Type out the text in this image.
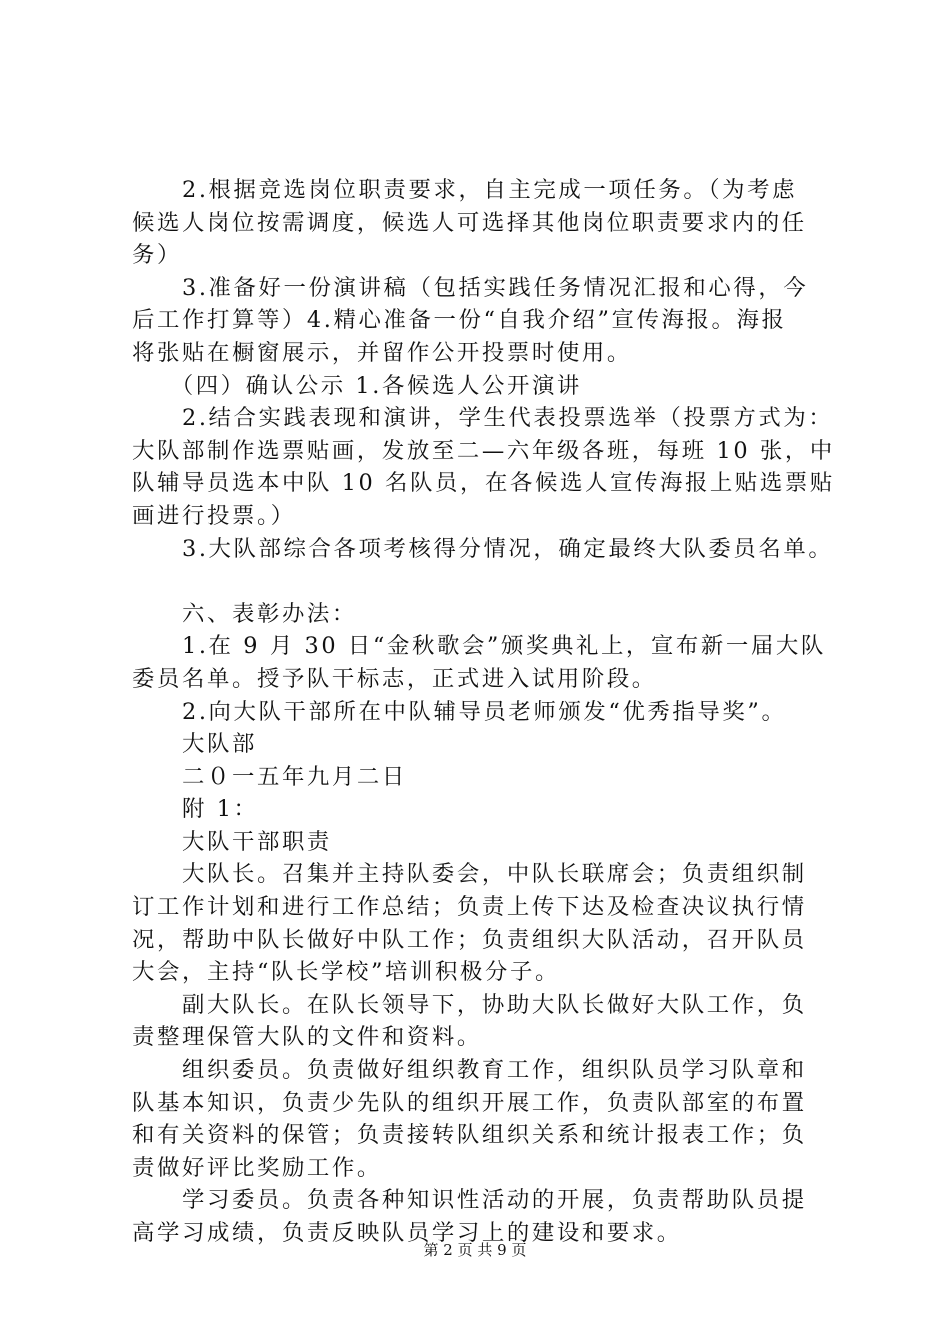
　　2.根据竞选岗位职责要求，自主完成一项任务。（为考虑
候选人岗位按需调度，候选人可选择其他岗位职责要求内的任
务）
　　3.准备好一份演讲稿（包括实践任务情况汇报和心得，今
后工作打算等）4.精心准备一份“自我介绍”宣传海报。海报
将张贴在橱窗展示，并留作公开投票时使用。
　　（四）确认公示 1.各候选人公开演讲
　　2.结合实践表现和演讲，学生代表投票选举（投票方式为：
大队部制作选票贴画，发放至二—六年级各班，每班 10 张，中
队辅导员选本中队 10 名队员，在各候选人宣传海报上贴选票贴
画进行投票。）
　　3.大队部综合各项考核得分情况，确定最终大队委员名单。
　　六、表彰办法：
　　1.在 9 月 30 日“金秋歌会”颁奖典礼上，宣布新一届大队
委员名单。授予队干标志，正式进入试用阶段。
　　2.向大队干部所在中队辅导员老师颁发“优秀指导奖”。
　　大队部
　　二０一五年九月二日
　　附 1：
　　大队干部职责
　　大队长。召集并主持队委会，中队长联席会；负责组织制
订工作计划和进行工作总结；负责上传下达及检查决议执行情
况，帮助中队长做好中队工作；负责组织大队活动，召开队员
大会，主持“队长学校”培训积极分子。
　　副大队长。在队长领导下，协助大队长做好大队工作，负
责整理保管大队的文件和资料。
　　组织委员。负责做好组织教育工作，组织队员学习队章和
队基本知识，负责少先队的组织开展工作，负责队部室的布置
和有关资料的保管；负责接转队组织关系和统计报表工作；负
责做好评比奖励工作。
　　学习委员。负责各种知识性活动的开展，负责帮助队员提
高学习成绩，负责反映队员学习上的建设和要求。
第 2 页 共 9 页
